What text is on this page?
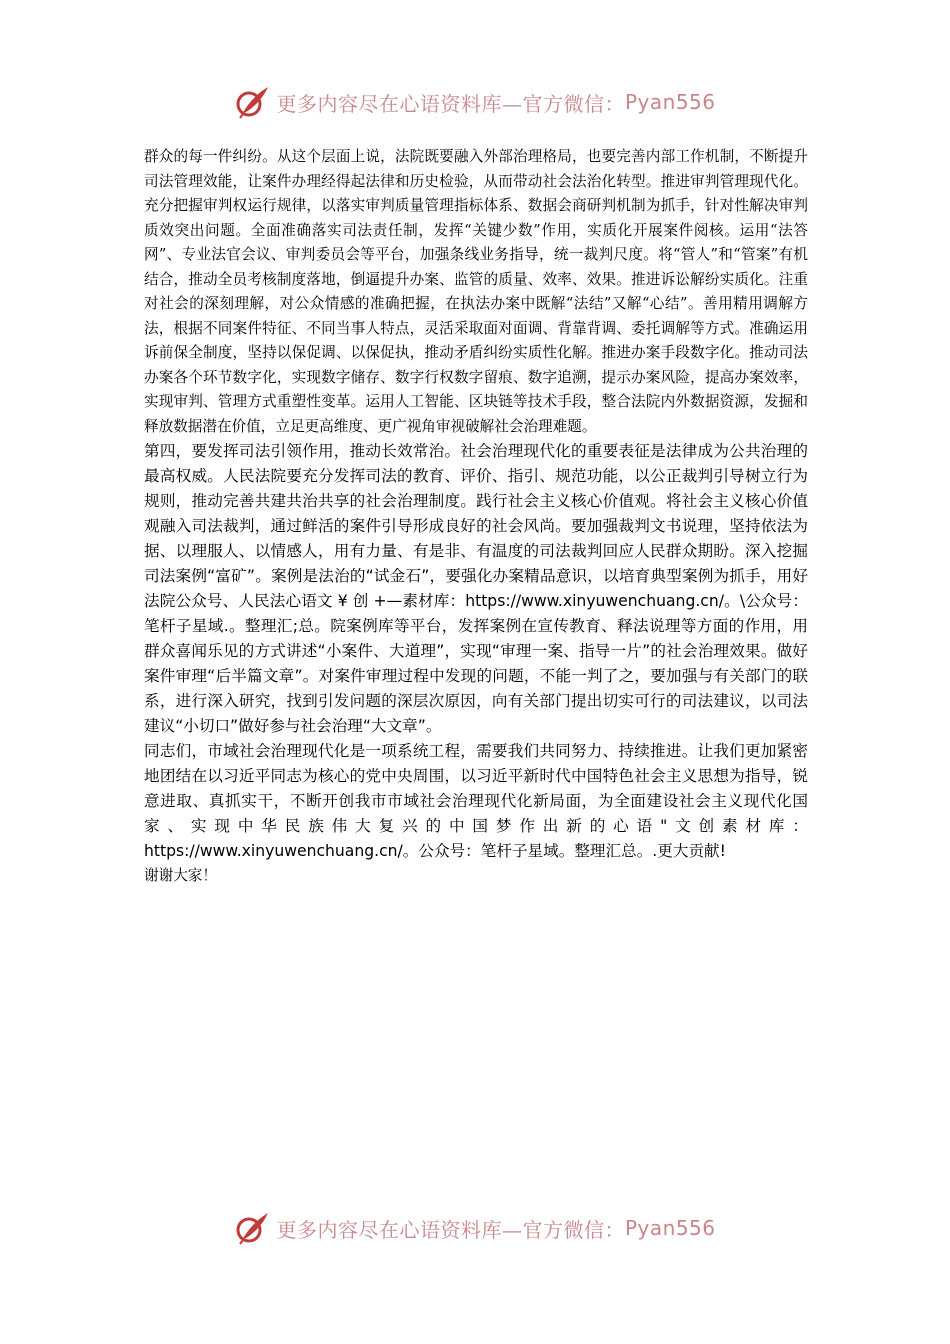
更多内容尽在心语资料库—官方微信： Pyan556

群众的每一件纠纷。从这个层面上说，法院既要融入外部治理格局，也要完善内部工作机制，不断提升司法管理效能，让案件办理经得起法律和历史检验，从而带动社会法治化转型。推进审判管理现代化。充分把握审判权运行规律，以落实审判质量管理指标体系、数据会商研判机制为抓手，针对性解决审判质效突出问题。全面准确落实司法责任制，发挥“关键少数”作用，实质化开展案件阅核。运用“法答网”、专业法官会议、审判委员会等平台，加强条线业务指导，统一裁判尺度。将“管人”和“管案”有机结合，推动全员考核制度落地，倒逼提升办案、监管的质量、效率、效果。推进诉讼解纷实质化。注重对社会的深刻理解，对公众情感的准确把握，在执法办案中既解“法结”又解“心结”。善用精用调解方法，根据不同案件特征、不同当事人特点，灵活采取面对面调、背靠背调、委托调解等方式。准确运用诉前保全制度，坚持以保促调、以保促执，推动矛盾纠纷实质性化解。推进办案手段数字化。推动司法办案各个环节数字化，实现数字储存、数字行权数字留痕、数字追溯，提示办案风险，提高办案效率，实现审判、管理方式重塑性变革。运用人工智能、区块链等技术手段，整合法院内外数据资源，发掘和释放数据潜在价值，立足更高维度、更广视角审视破解社会治理难题。

第四，要发挥司法引领作用，推动长效常治。社会治理现代化的重要表征是法律成为公共治理的最高权威。人民法院要充分发挥司法的教育、评价、指引、规范功能，以公正裁判引导树立行为规则，推动完善共建共治共享的社会治理制度。践行社会主义核心价值观。将社会主义核心价值观融入司法裁判，通过鲜活的案件引导形成良好的社会风尚。要加强裁判文书说理，坚持依法为据、以理服人、以情感人，用有力量、有是非、有温度的司法裁判回应人民群众期盼。深入挖掘司法案例“富矿”。案例是法治的“试金石”，要强化办案精品意识，以培育典型案例为抓手，用好法院公众号、人民法心语文 ¥ 创 +—素材库：https://www.xinyuwenchuang.cn/。\公众号：笔杆子星域.。整理汇;总。院案例库等平台，发挥案例在宣传教育、释法说理等方面的作用，用群众喜闻乐见的方式讲述“小案件、大道理”，实现“审理一案、指导一片”的社会治理效果。做好案件审理“后半篇文章”。对案件审理过程中发现的问题，不能一判了之，要加强与有关部门的联系，进行深入研究，找到引发问题的深层次原因，向有关部门提出切实可行的司法建议，以司法建议“小切口”做好参与社会治理“大文章”。

同志们，市域社会治理现代化是一项系统工程，需要我们共同努力、持续推进。让我们更加紧密地团结在以习近平同志为核心的党中央周围，以习近平新时代中国特色社会主义思想为指导，锐意进取、真抓实干，不断开创我市市域社会治理现代化新局面，为全面建设社会主义现代化国家、实现中华民族伟大复兴的中国梦作出新的心语"文创素材库：https://www.xinyuwenchuang.cn/。公众号：笔杆子星域。整理汇总。.更大贡献!

谢谢大家！

更多内容尽在心语资料库—官方微信： Pyan556
